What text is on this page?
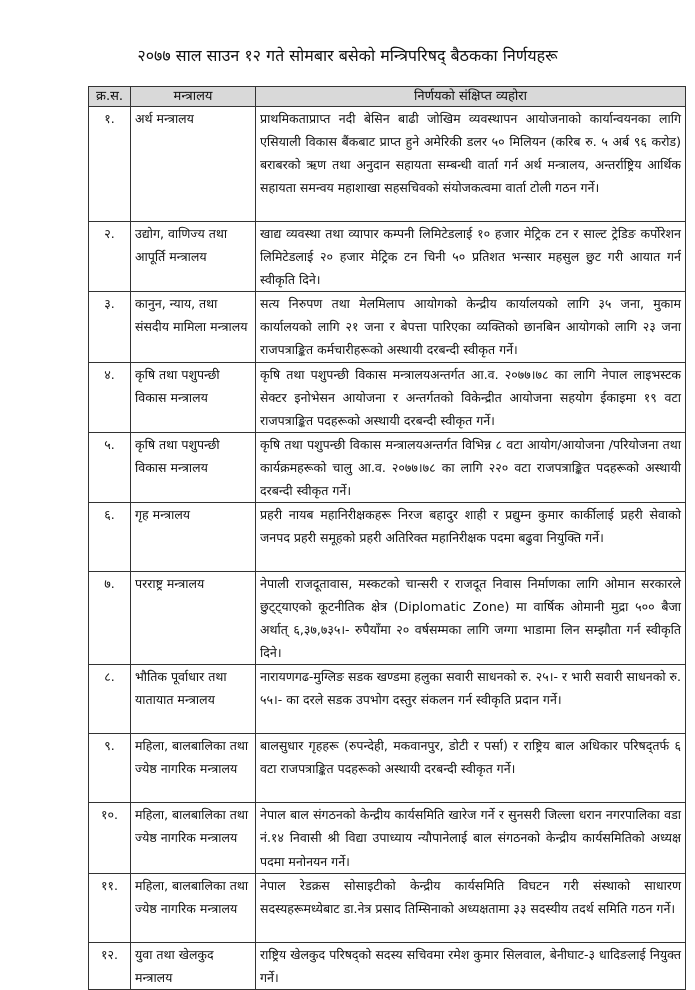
२०७७ साल साउन १२ गते सोमबार बसेको मन्त्रिपरिषद् बैठकका निर्णयहरू
क्र.स.	मन्त्रालय	निर्णयको संक्षिप्त व्यहोरा
१.	अर्थ मन्त्रालय	प्राथमिकताप्राप्त नदी बेसिन बाढी जोखिम व्यवस्थापन आयोजनाको कार्यान्वयनका लागि एसियाली विकास बैंकबाट प्राप्त हुने अमेरिकी डलर ५० मिलियन (करिब रु. ५ अर्ब ९६ करोड) बराबरको ऋण तथा अनुदान सहायता सम्बन्धी वार्ता गर्न अर्थ मन्त्रालय, अन्तर्राष्ट्रिय आर्थिक सहायता समन्वय महाशाखा सहसचिवको संयोजकत्वमा वार्ता टोली गठन गर्ने।
२.	उद्योग, वाणिज्य तथा आपूर्ति मन्त्रालय	खाद्य व्यवस्था तथा व्यापार कम्पनी लिमिटेडलाई १० हजार मेट्रिक टन र साल्ट ट्रेडिङ कर्पोरेशन लिमिटेडलाई २० हजार मेट्रिक टन चिनी ५० प्रतिशत भन्सार महसुल छुट गरी आयात गर्न स्वीकृति दिने।
३.	कानुन, न्याय, तथा संसदीय मामिला मन्त्रालय	सत्य निरुपण तथा मेलमिलाप आयोगको केन्द्रीय कार्यालयको लागि ३५ जना, मुकाम कार्यालयको लागि २१ जना र बेपत्ता पारिएका व्यक्तिको छानबिन आयोगको लागि २३ जना राजपत्राङ्कित कर्मचारीहरूको अस्थायी दरबन्दी स्वीकृत गर्ने।
४.	कृषि तथा पशुपन्छी विकास मन्त्रालय	कृषि तथा पशुपन्छी विकास मन्त्रालयअन्तर्गत आ.व. २०७७।७८ का लागि नेपाल लाइभस्टक सेक्टर इनोभेसन आयोजना र अन्तर्गतको विकेन्द्रीत आयोजना सहयोग ईकाइमा १९ वटा राजपत्राङ्कित पदहरूको अस्थायी दरबन्दी स्वीकृत गर्ने।
५.	कृषि तथा पशुपन्छी विकास मन्त्रालय	कृषि तथा पशुपन्छी विकास मन्त्रालयअन्तर्गत विभिन्न ८ वटा आयोग/आयोजना /परियोजना तथा कार्यक्रमहरूको चालु आ.व. २०७७।७८ का लागि २२० वटा राजपत्राङ्कित पदहरूको अस्थायी दरबन्दी स्वीकृत गर्ने।
६.	गृह मन्त्रालय	प्रहरी नायब महानिरीक्षकहरू निरज बहादुर शाही र प्रद्युम्न कुमार कार्कीलाई प्रहरी सेवाको जनपद प्रहरी समूहको प्रहरी अतिरिक्त महानिरीक्षक पदमा बढुवा नियुक्ति गर्ने।
७.	परराष्ट्र मन्त्रालय	नेपाली राजदूतावास, मस्कटको चान्सरी र राजदूत निवास निर्माणका लागि ओमान सरकारले छुट्ट्याएको कूटनीतिक क्षेत्र (Diplomatic Zone) मा वार्षिक ओमानी मुद्रा ५०० बैजा अर्थात् ६,३७,७३५।- रुपैयाँमा २० वर्षसम्मका लागि जग्गा भाडामा लिन सम्झौता गर्न स्वीकृति दिने।
८.	भौतिक पूर्वाधार तथा यातायात मन्त्रालय	नारायणगढ-मुग्लिङ सडक खण्डमा हलुका सवारी साधनको रु. २५।- र भारी सवारी साधनको रु. ५५।- का दरले सडक उपभोग दस्तुर संकलन गर्न स्वीकृति प्रदान गर्ने।
९.	महिला, बालबालिका तथा ज्येष्ठ नागरिक मन्त्रालय	बालसुधार गृहहरू (रुपन्देही, मकवानपुर, डोटी र पर्सा) र राष्ट्रिय बाल अधिकार परिषद्तर्फ ६ वटा राजपत्राङ्कित पदहरूको अस्थायी दरबन्दी स्वीकृत गर्ने।
१०.	महिला, बालबालिका तथा ज्येष्ठ नागरिक मन्त्रालय	नेपाल बाल संगठनको केन्द्रीय कार्यसमिति खारेज गर्ने र सुनसरी जिल्ला धरान नगरपालिका वडा नं.१४ निवासी श्री विद्या उपाध्याय न्यौपानेलाई बाल संगठनको केन्द्रीय कार्यसमितिको अध्यक्ष पदमा मनोनयन गर्ने।
११.	महिला, बालबालिका तथा ज्येष्ठ नागरिक मन्त्रालय	नेपाल रेडक्रस सोसाइटीको केन्द्रीय कार्यसमिति विघटन गरी संस्थाको साधारण सदस्यहरूमध्येबाट डा.नेत्र प्रसाद तिम्सिनाको अध्यक्षतामा ३३ सदस्यीय तदर्थ समिति गठन गर्ने।
१२.	युवा तथा खेलकुद मन्त्रालय	राष्ट्रिय खेलकुद परिषद्को सदस्य सचिवमा रमेश कुमार सिलवाल, बेनीघाट-३ धादिङलाई नियुक्त गर्ने।
